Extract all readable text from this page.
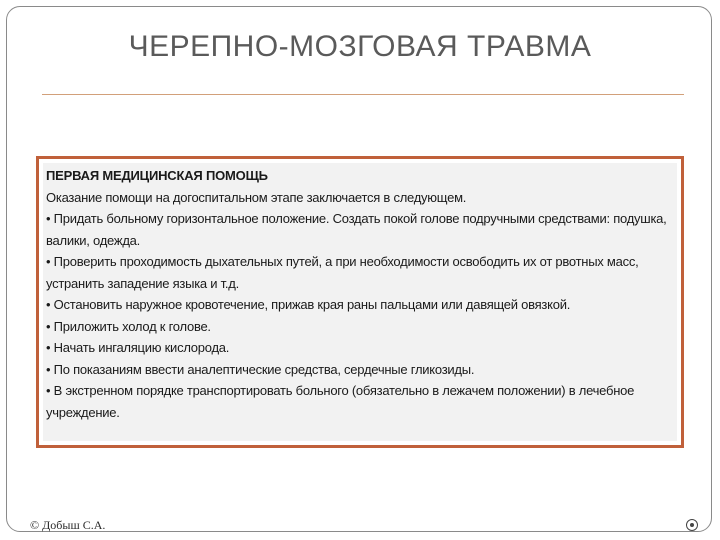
ЧЕРЕПНО-МОЗГОВАЯ ТРАВМА
ПЕРВАЯ МЕДИЦИНСКАЯ ПОМОЩЬ
Оказание помощи на догоспитальном этапе заключается в следующем.
• Придать больному горизонтальное положение. Создать покой голове подручными средствами: подушка, валики, одежда.
• Проверить проходимость дыхательных путей, а при необходимости освободить их от рвотных масс, устранить западение языка и т.д.
• Остановить наружное кровотечение, прижав края раны пальцами или давящей овязкой.
• Приложить холод к голове.
• Начать ингаляцию кислорода.
• По показаниям ввести аналептические средства, сердечные гликозиды.
• В экстренном порядке транспортировать больного (обязательно в лежачем положении) в лечебное учреждение.
© Добыш С.А.
